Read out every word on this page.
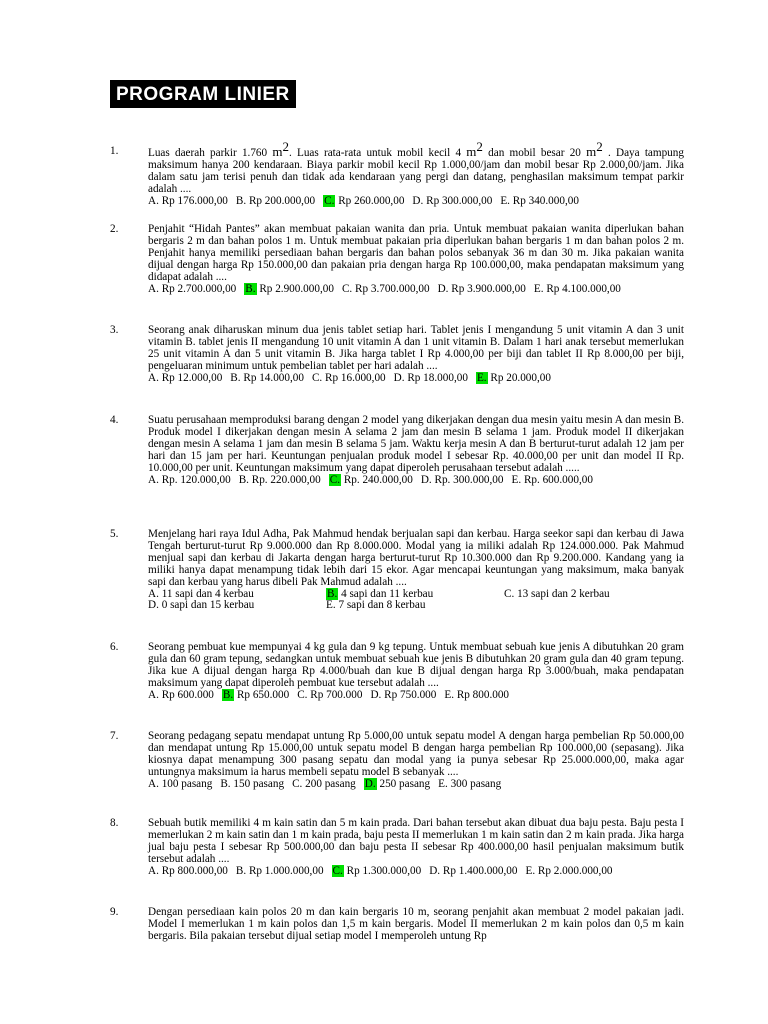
PROGRAM LINIER
1.	Luas daerah parkir 1.760 $m^2$. Luas rata-rata untuk mobil kecil 4 $m^2$ dan mobil besar 20 $m^2$ . Daya tampung maksimum hanya 200 kendaraan. Biaya parkir mobil kecil Rp 1.000,00/jam dan mobil besar Rp 2.000,00/jam. Jika dalam satu jam terisi penuh dan tidak ada kendaraan yang pergi dan datang, penghasilan maksimum tempat parkir adalah ....
A. Rp 176.000,00 B. Rp 200.000,00 C. Rp 260.000,00 D. Rp 300.000,00 E. Rp 340.000,00
2.	Penjahit “Hidah Pantes” akan membuat pakaian wanita dan pria. Untuk membuat pakaian wanita diperlukan bahan bergaris 2 m dan bahan polos 1 m. Untuk membuat pakaian pria diperlukan bahan bergaris 1 m dan bahan polos 2 m. Penjahit hanya memiliki persediaan bahan bergaris dan bahan polos sebanyak 36 m dan 30 m. Jika pakaian wanita dijual dengan harga Rp 150.000,00 dan pakaian pria dengan harga Rp 100.000,00, maka pendapatan maksimum yang didapat adalah ....
A. Rp 2.700.000,00 B. Rp 2.900.000,00 C. Rp 3.700.000,00 D. Rp 3.900.000,00 E. Rp 4.100.000,00
3.	Seorang anak diharuskan minum dua jenis tablet setiap hari. Tablet jenis I mengandung 5 unit vitamin A dan 3 unit vitamin B. tablet jenis II mengandung 10 unit vitamin A dan 1 unit vitamin B. Dalam 1 hari anak tersebut memerlukan 25 unit vitamin A dan 5 unit vitamin B. Jika harga tablet I Rp 4.000,00 per biji dan tablet II Rp 8.000,00 per biji, pengeluaran minimum untuk pembelian tablet per hari adalah ....
A. Rp 12.000,00 B. Rp 14.000,00 C. Rp 16.000,00 D. Rp 18.000,00 E. Rp 20.000,00
4.	Suatu perusahaan memproduksi barang dengan 2 model yang dikerjakan dengan dua mesin yaitu mesin A dan mesin B. Produk model I dikerjakan dengan mesin A selama 2 jam dan mesin B selama 1 jam. Produk model II dikerjakan dengan mesin A selama 1 jam dan mesin B selama 5 jam. Waktu kerja mesin A dan B berturut-turut adalah 12 jam per hari dan 15 jam per hari. Keuntungan penjualan produk model I sebesar Rp. 40.000,00 per unit dan model II Rp. 10.000,00 per unit. Keuntungan maksimum yang dapat diperoleh perusahaan tersebut adalah .....
A. Rp. 120.000,00 B. Rp. 220.000,00 C. Rp. 240.000,00 D. Rp. 300.000,00 E. Rp. 600.000,00
5.	Menjelang hari raya Idul Adha, Pak Mahmud hendak berjualan sapi dan kerbau. Harga seekor sapi dan kerbau di Jawa Tengah berturut-turut Rp 9.000.000 dan Rp 8.000.000. Modal yang ia miliki adalah Rp 124.000.000. Pak Mahmud menjual sapi dan kerbau di Jakarta dengan harga berturut-turut Rp 10.300.000 dan Rp 9.200.000. Kandang yang ia miliki hanya dapat menampung tidak lebih dari 15 ekor. Agar mencapai keuntungan yang maksimum, maka banyak sapi dan kerbau yang harus dibeli Pak Mahmud adalah ....
A. 11 sapi dan 4 kerbau	B. 4 sapi dan 11 kerbau	C. 13 sapi dan 2 kerbau
D. 0 sapi dan 15 kerbau	E. 7 sapi dan 8 kerbau
6.	Seorang pembuat kue mempunyai 4 kg gula dan 9 kg tepung. Untuk membuat sebuah kue jenis A dibutuhkan 20 gram gula dan 60 gram tepung, sedangkan untuk membuat sebuah kue jenis B dibutuhkan 20 gram gula dan 40 gram tepung. Jika kue A dijual dengan harga Rp 4.000/buah dan kue B dijual dengan harga Rp 3.000/buah, maka pendapatan maksimum yang dapat diperoleh pembuat kue tersebut adalah ....
A. Rp 600.000 B. Rp 650.000 C. Rp 700.000 D. Rp 750.000 E. Rp 800.000
7.	Seorang pedagang sepatu mendapat untung Rp 5.000,00 untuk sepatu model A dengan harga pembelian Rp 50.000,00 dan mendapat untung Rp 15.000,00 untuk sepatu model B dengan harga pembelian Rp 100.000,00 (sepasang). Jika kiosnya dapat menampung 300 pasang sepatu dan modal yang ia punya sebesar Rp 25.000.000,00, maka agar untungnya maksimum ia harus membeli sepatu model B sebanyak ....
A. 100 pasang B. 150 pasang C. 200 pasang D. 250 pasang E. 300 pasang
8.	Sebuah butik memiliki 4 m kain satin dan 5 m kain prada. Dari bahan tersebut akan dibuat dua baju pesta. Baju pesta I memerlukan 2 m kain satin dan 1 m kain prada, baju pesta II memerlukan 1 m kain satin dan 2 m kain prada. Jika harga jual baju pesta I sebesar Rp 500.000,00 dan baju pesta II sebesar Rp 400.000,00 hasil penjualan maksimum butik tersebut adalah ....
A. Rp 800.000,00 B. Rp 1.000.000,00 C. Rp 1.300.000,00 D. Rp 1.400.000,00 E. Rp 2.000.000,00
9.	Dengan persediaan kain polos 20 m dan kain bergaris 10 m, seorang penjahit akan membuat 2 model pakaian jadi. Model I memerlukan 1 m kain polos dan 1,5 m kain bergaris. Model II memerlukan 2 m kain polos dan 0,5 m kain bergaris. Bila pakaian tersebut dijual setiap model I memperoleh untung Rp
